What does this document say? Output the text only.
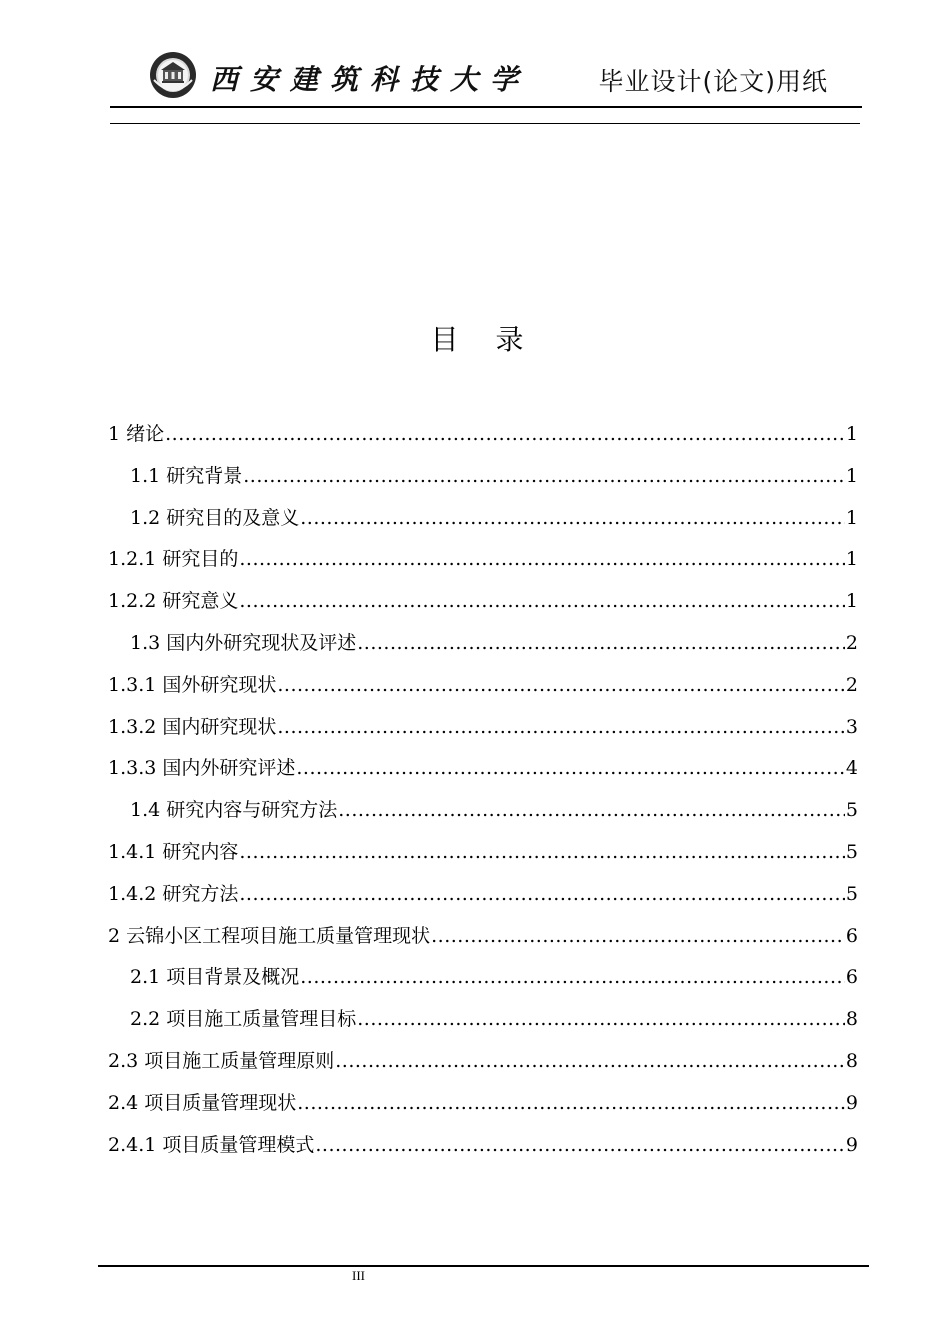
西安建筑科技大学	毕业设计(论文)用纸
目 录
1 绪论 .....	1
1.1 研究背景 .....	1
1.2 研究目的及意义 .....	1
1.2.1 研究目的 .....	1
1.2.2 研究意义 .....	1
1.3 国内外研究现状及评述 .....	2
1.3.1 国外研究现状 .....	2
1.3.2 国内研究现状 .....	3
1.3.3 国内外研究评述 .....	4
1.4 研究内容与研究方法 .....	5
1.4.1 研究内容 .....	5
1.4.2 研究方法 .....	5
2 云锦小区工程项目施工质量管理现状 .....	6
2.1 项目背景及概况 .....	6
2.2 项目施工质量管理目标 .....	8
2.3 项目施工质量管理原则 .....	8
2.4 项目质量管理现状 .....	9
2.4.1 项目质量管理模式 .....	9
III
